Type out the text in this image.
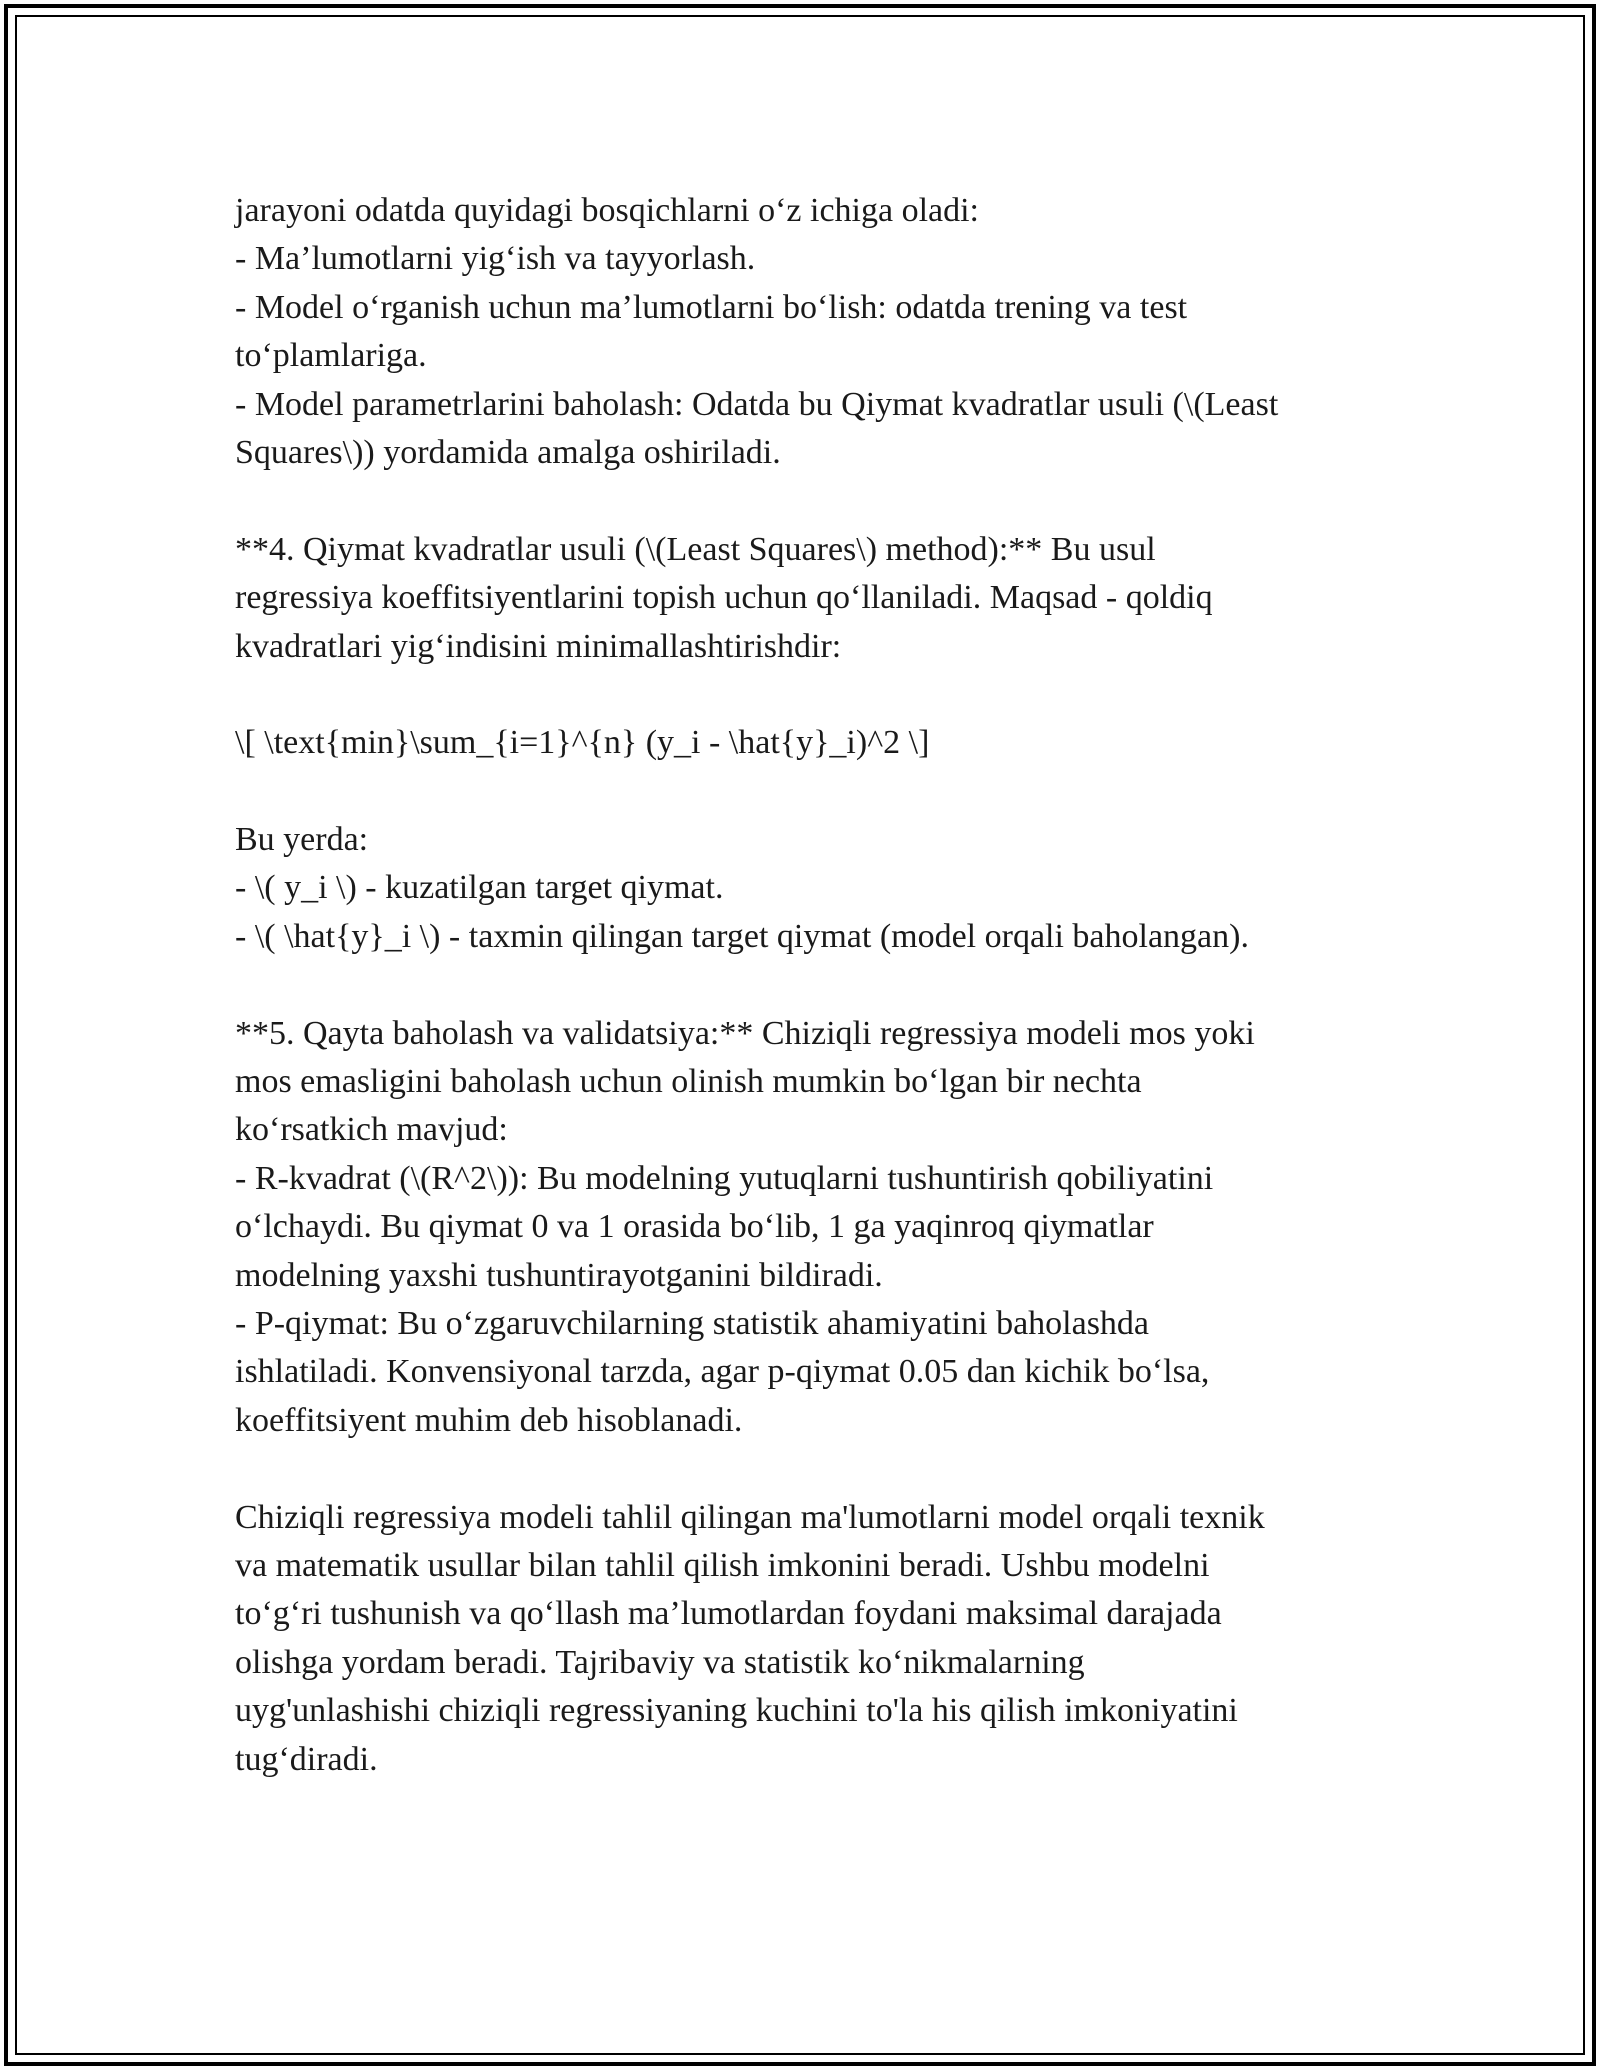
jarayoni odatda quyidagi bosqichlarni o‘z ichiga oladi:
- Ma’lumotlarni yig‘ish va tayyorlash.
- Model o‘rganish uchun ma’lumotlarni bo‘lish: odatda trening va test
to‘plamlariga.
- Model parametrlarini baholash: Odatda bu Qiymat kvadratlar usuli (\(Least
Squares\)) yordamida amalga oshiriladi.
**4. Qiymat kvadratlar usuli (\(Least Squares\) method):** Bu usul
regressiya koeffitsiyentlarini topish uchun qo‘llaniladi. Maqsad - qoldiq
kvadratlari yig‘indisini minimallashtirishdir:
\[ \text{min}\sum_{i=1}^{n} (y_i - \hat{y}_i)^2 \]
Bu yerda:
- \( y_i \) - kuzatilgan target qiymat.
- \( \hat{y}_i \) - taxmin qilingan target qiymat (model orqali baholangan).
**5. Qayta baholash va validatsiya:** Chiziqli regressiya modeli mos yoki
mos emasligini baholash uchun olinish mumkin bo‘lgan bir nechta
ko‘rsatkich mavjud:
- R-kvadrat (\(R^2\)): Bu modelning yutuqlarni tushuntirish qobiliyatini
o‘lchaydi. Bu qiymat 0 va 1 orasida bo‘lib, 1 ga yaqinroq qiymatlar
modelning yaxshi tushuntirayotganini bildiradi.
- P-qiymat: Bu o‘zgaruvchilarning statistik ahamiyatini baholashda
ishlatiladi. Konvensiyonal tarzda, agar p-qiymat 0.05 dan kichik bo‘lsa,
koeffitsiyent muhim deb hisoblanadi.
Chiziqli regressiya modeli tahlil qilingan ma'lumotlarni model orqali texnik
va matematik usullar bilan tahlil qilish imkonini beradi. Ushbu modelni
to‘g‘ri tushunish va qo‘llash ma’lumotlardan foydani maksimal darajada
olishga yordam beradi. Tajribaviy va statistik ko‘nikmalarning
uyg'unlashishi chiziqli regressiyaning kuchini to'la his qilish imkoniyatini
tug‘diradi.
